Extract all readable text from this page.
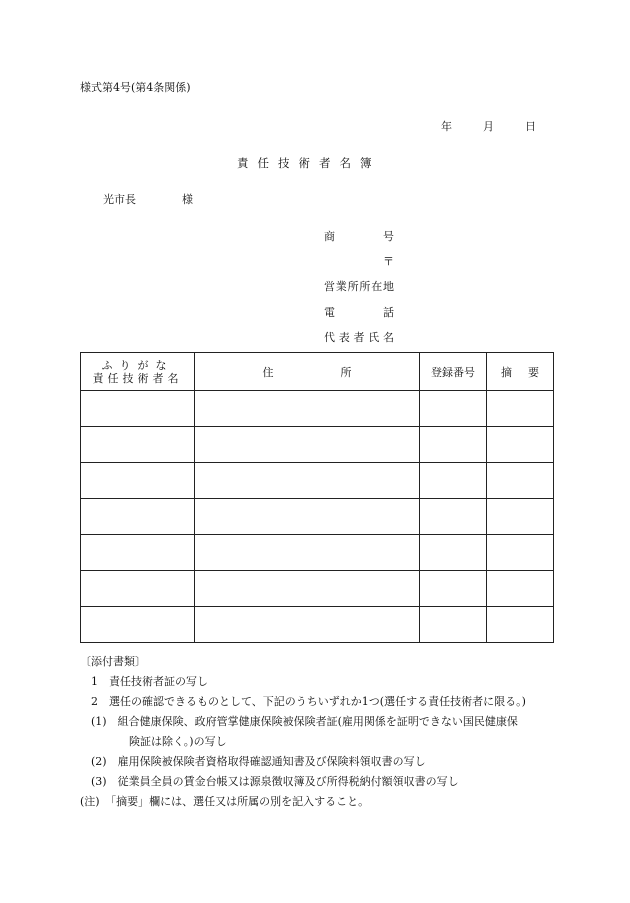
様式第4号(第4条関係)
年	月	日
責任技術者名簿
光市長	様
商号
〒
営業所所在地
電話
代表者氏名
ふりがな
責任技術者名	住 所	登録番号	摘 要

〔添付書類〕
1　責任技術者証の写し
2　選任の確認できるものとして、下記のうちいずれか1つ(選任する責任技術者に限る。)
(1)　組合健康保険、政府管掌健康保険被保険者証(雇用関係を証明できない国民健康保
険証は除く。)の写し
(2)　雇用保険被保険者資格取得確認通知書及び保険料領収書の写し
(3)　従業員全員の賃金台帳又は源泉徴収簿及び所得税納付額領収書の写し
(注)　「摘要」欄には、選任又は所属の別を記入すること。
